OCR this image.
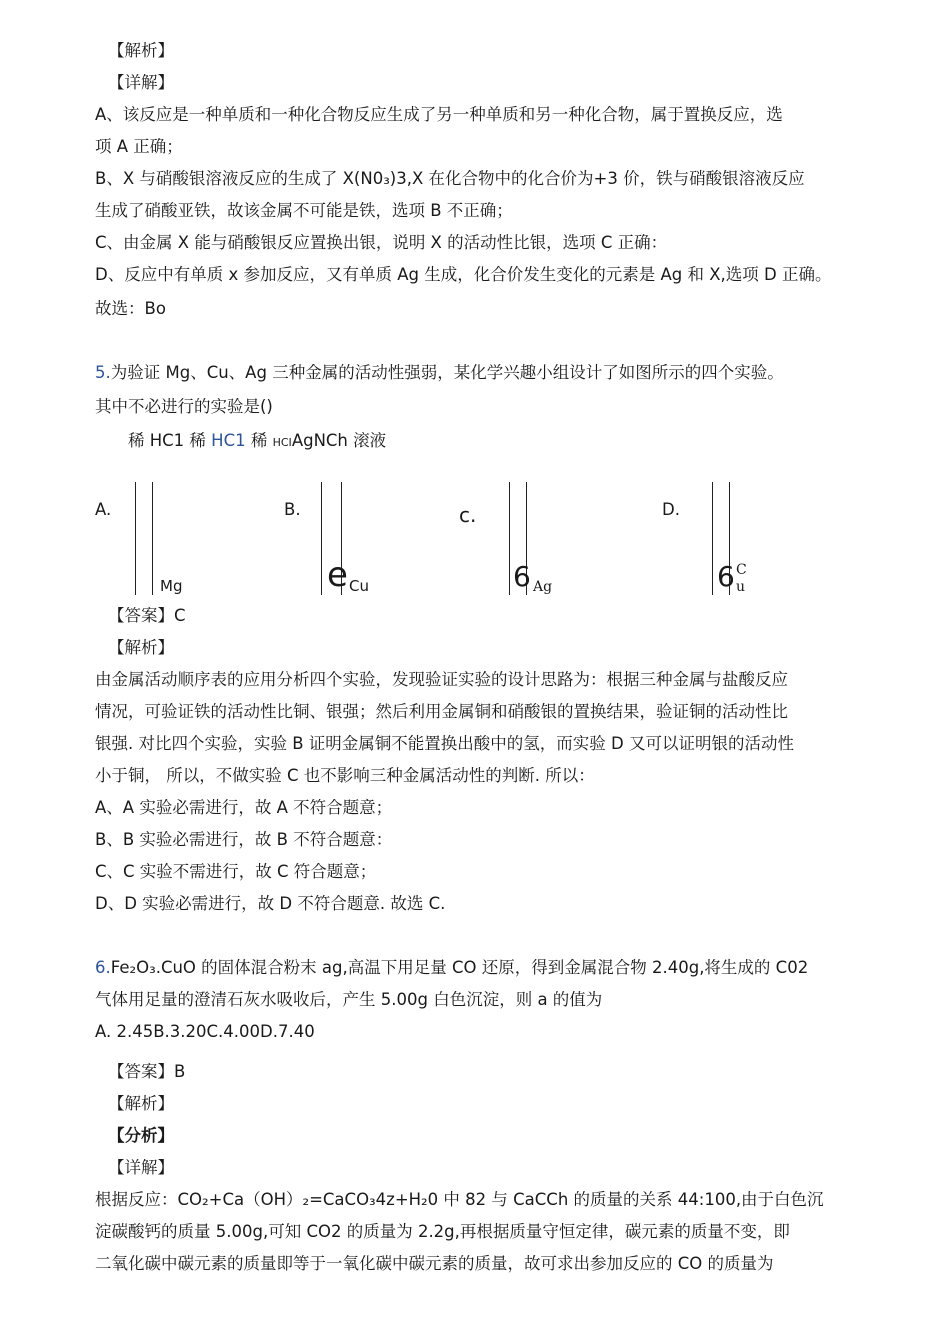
【解析】
【详解】
A、该反应是一种单质和一种化合物反应生成了另一种单质和另一种化合物，属于置换反应，选
项 A 正确；
B、X 与硝酸银溶液反应的生成了 X(N0₃)3,X 在化合物中的化合价为+3 价，铁与硝酸银溶液反应
生成了硝酸亚铁，故该金属不可能是铁，选项 B 不正确；
C、由金属 X 能与硝酸银反应置换出银，说明 X 的活动性比银，选项 C 正确：
D、反应中有单质 x 参加反应，又有单质 Ag 生成，化合价发生变化的元素是 Ag 和 X,选项 D 正确。
故选：Bo
5.为验证 Mg、Cu、Ag 三种金属的活动性强弱，某化学兴趣小组设计了如图所示的四个实验。
其中不必进行的实验是()
稀 HC1 稀 HC1 稀 HCIAgNCh 滚液
A.
Mg
B.
e Cu
c.
6 Ag
D.
6 C
u
【答案】C
【解析】
由金属活动顺序表的应用分析四个实验，发现验证实验的设计思路为：根据三种金属与盐酸反应
情况，可验证铁的活动性比铜、银强；然后利用金属铜和硝酸银的置换结果，验证铜的活动性比
银强. 对比四个实验，实验 B 证明金属铜不能置换出酸中的氢，而实验 D 又可以证明银的活动性
小于铜， 所以，不做实验 C 也不影响三种金属活动性的判断. 所以：
A、A 实验必需进行，故 A 不符合题意；
B、B 实验必需进行，故 B 不符合题意：
C、C 实验不需进行，故 C 符合题意；
D、D 实验必需进行，故 D 不符合题意. 故选 C.
6.Fe₂O₃.CuO 的固体混合粉末 ag,高温下用足量 CO 还原，得到金属混合物 2.40g,将生成的 C02
气体用足量的澄清石灰水吸收后，产生 5.00g 白色沉淀，则 a 的值为
A. 2.45B.3.20C.4.00D.7.40
【答案】B
【解析】
【分析】
【详解】
根据反应：CO₂+Ca（OH）₂=CaCO₃4z+H₂0 中 82 与 CaCCh 的质量的关系 44:100,由于白色沉
淀碳酸钙的质量 5.00g,可知 CO2 的质量为 2.2g,再根据质量守恒定律，碳元素的质量不变，即
二氧化碳中碳元素的质量即等于一氧化碳中碳元素的质量，故可求出参加反应的 CO 的质量为
